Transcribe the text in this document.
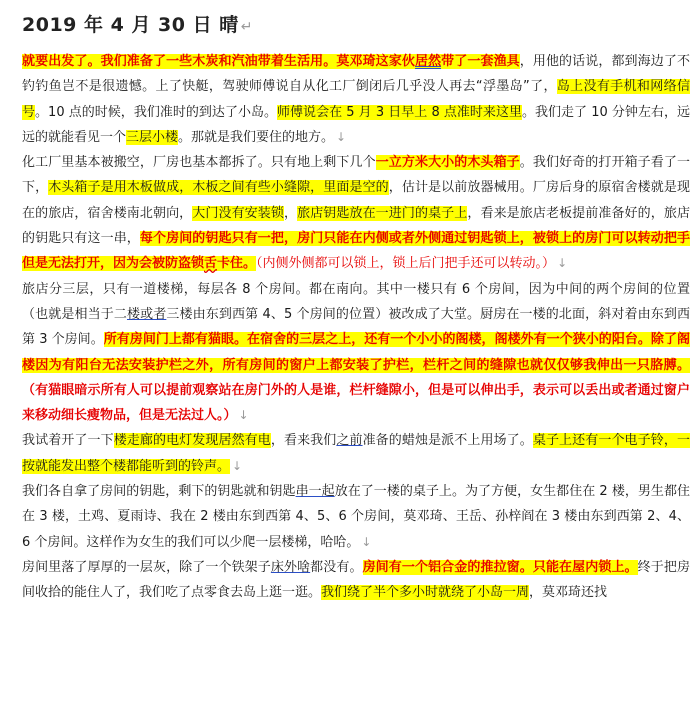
2019 年 4 月 30 日 晴 ↵

就要出发了。我们准备了一些木炭和汽油带着生活用。莫邓琦这家伙居然带了一套渔具，用他的话说，都到海边了不钓钓鱼岂不是很遗憾。上了快艇，驾驶师傅说自从化工厂倒闭后几乎没人再去“浮墨岛”了，岛上没有手机和网络信号。10 点的时候，我们准时的到达了小岛。师傅说会在 5 月 3 日早上 8 点准时来这里。我们走了 10 分钟左右，远远的就能看见一个三层小楼。那就是我们要住的地方。 ↓

化工厂里基本被搬空，厂房也基本都拆了。只有地上剩下几个一立方米大小的木头箱子。我们好奇的打开箱子看了一下，木头箱子是用木板做成，木板之间有些小缝隙，里面是空的，估计是以前放器械用。厂房后身的原宿舍楼就是现在的旅店，宿舍楼南北朝向，大门没有安装锁，旅店钥匙放在一进门的桌子上，看来是旅店老板提前准备好的，旅店的钥匙只有这一串，每个房间的钥匙只有一把，房门只能在内侧或者外侧通过钥匙锁上，被锁上的房门可以转动把手但是无法打开，因为会被防盗锁舌卡住。（内侧外侧都可以锁上，锁上后门把手还可以转动。） ↓

旅店分三层，只有一道楼梯，每层各 8 个房间。都在南向。其中一楼只有 6 个房间，因为中间的两个房间的位置（也就是相当于二楼或者三楼由东到西第 4、5 个房间的位置）被改成了大堂。厨房在一楼的北面，斜对着由东到西第 3 个房间。所有房间门上都有猫眼。在宿舍的三层之上，还有一个小小的阁楼，阁楼外有一个狭小的阳台。除了阁楼因为有阳台无法安装护栏之外，所有房间的窗户上都安装了护栏，栏杆之间的缝隙也就仅仅够我伸出一只胳膊。（有猫眼暗示所有人可以提前观察站在房门外的人是谁，栏杆缝隙小，但是可以伸出手，表示可以丢出或者通过窗户来移动细长瘦物品，但是无法过人。） ↓

我试着开了一下楼走廊的电灯发现居然有电，看来我们之前准备的蜡烛是派不上用场了。桌子上还有一个电子铃，一按就能发出整个楼都能听到的铃声。 ↓

我们各自拿了房间的钥匙，剩下的钥匙就和钥匙串一起放在了一楼的桌子上。为了方便，女生都住在 2 楼，男生都住在 3 楼，土鸡、夏雨诗、我在 2 楼由东到西第 4、5、6 个房间，莫邓琦、王岳、孙梓阎在 3 楼由东到西第 2、4、6 个房间。这样作为女生的我们可以少爬一层楼梯，哈哈。 ↓

房间里落了厚厚的一层灰，除了一个铁架子床外啥都没有。房间有一个铝合金的推拉窗。只能在屋内锁上。终于把房间收拾的能住人了，我们吃了点零食去岛上逛一逛。我们绕了半个多小时就绕了小岛一周，莫邓琦还找
